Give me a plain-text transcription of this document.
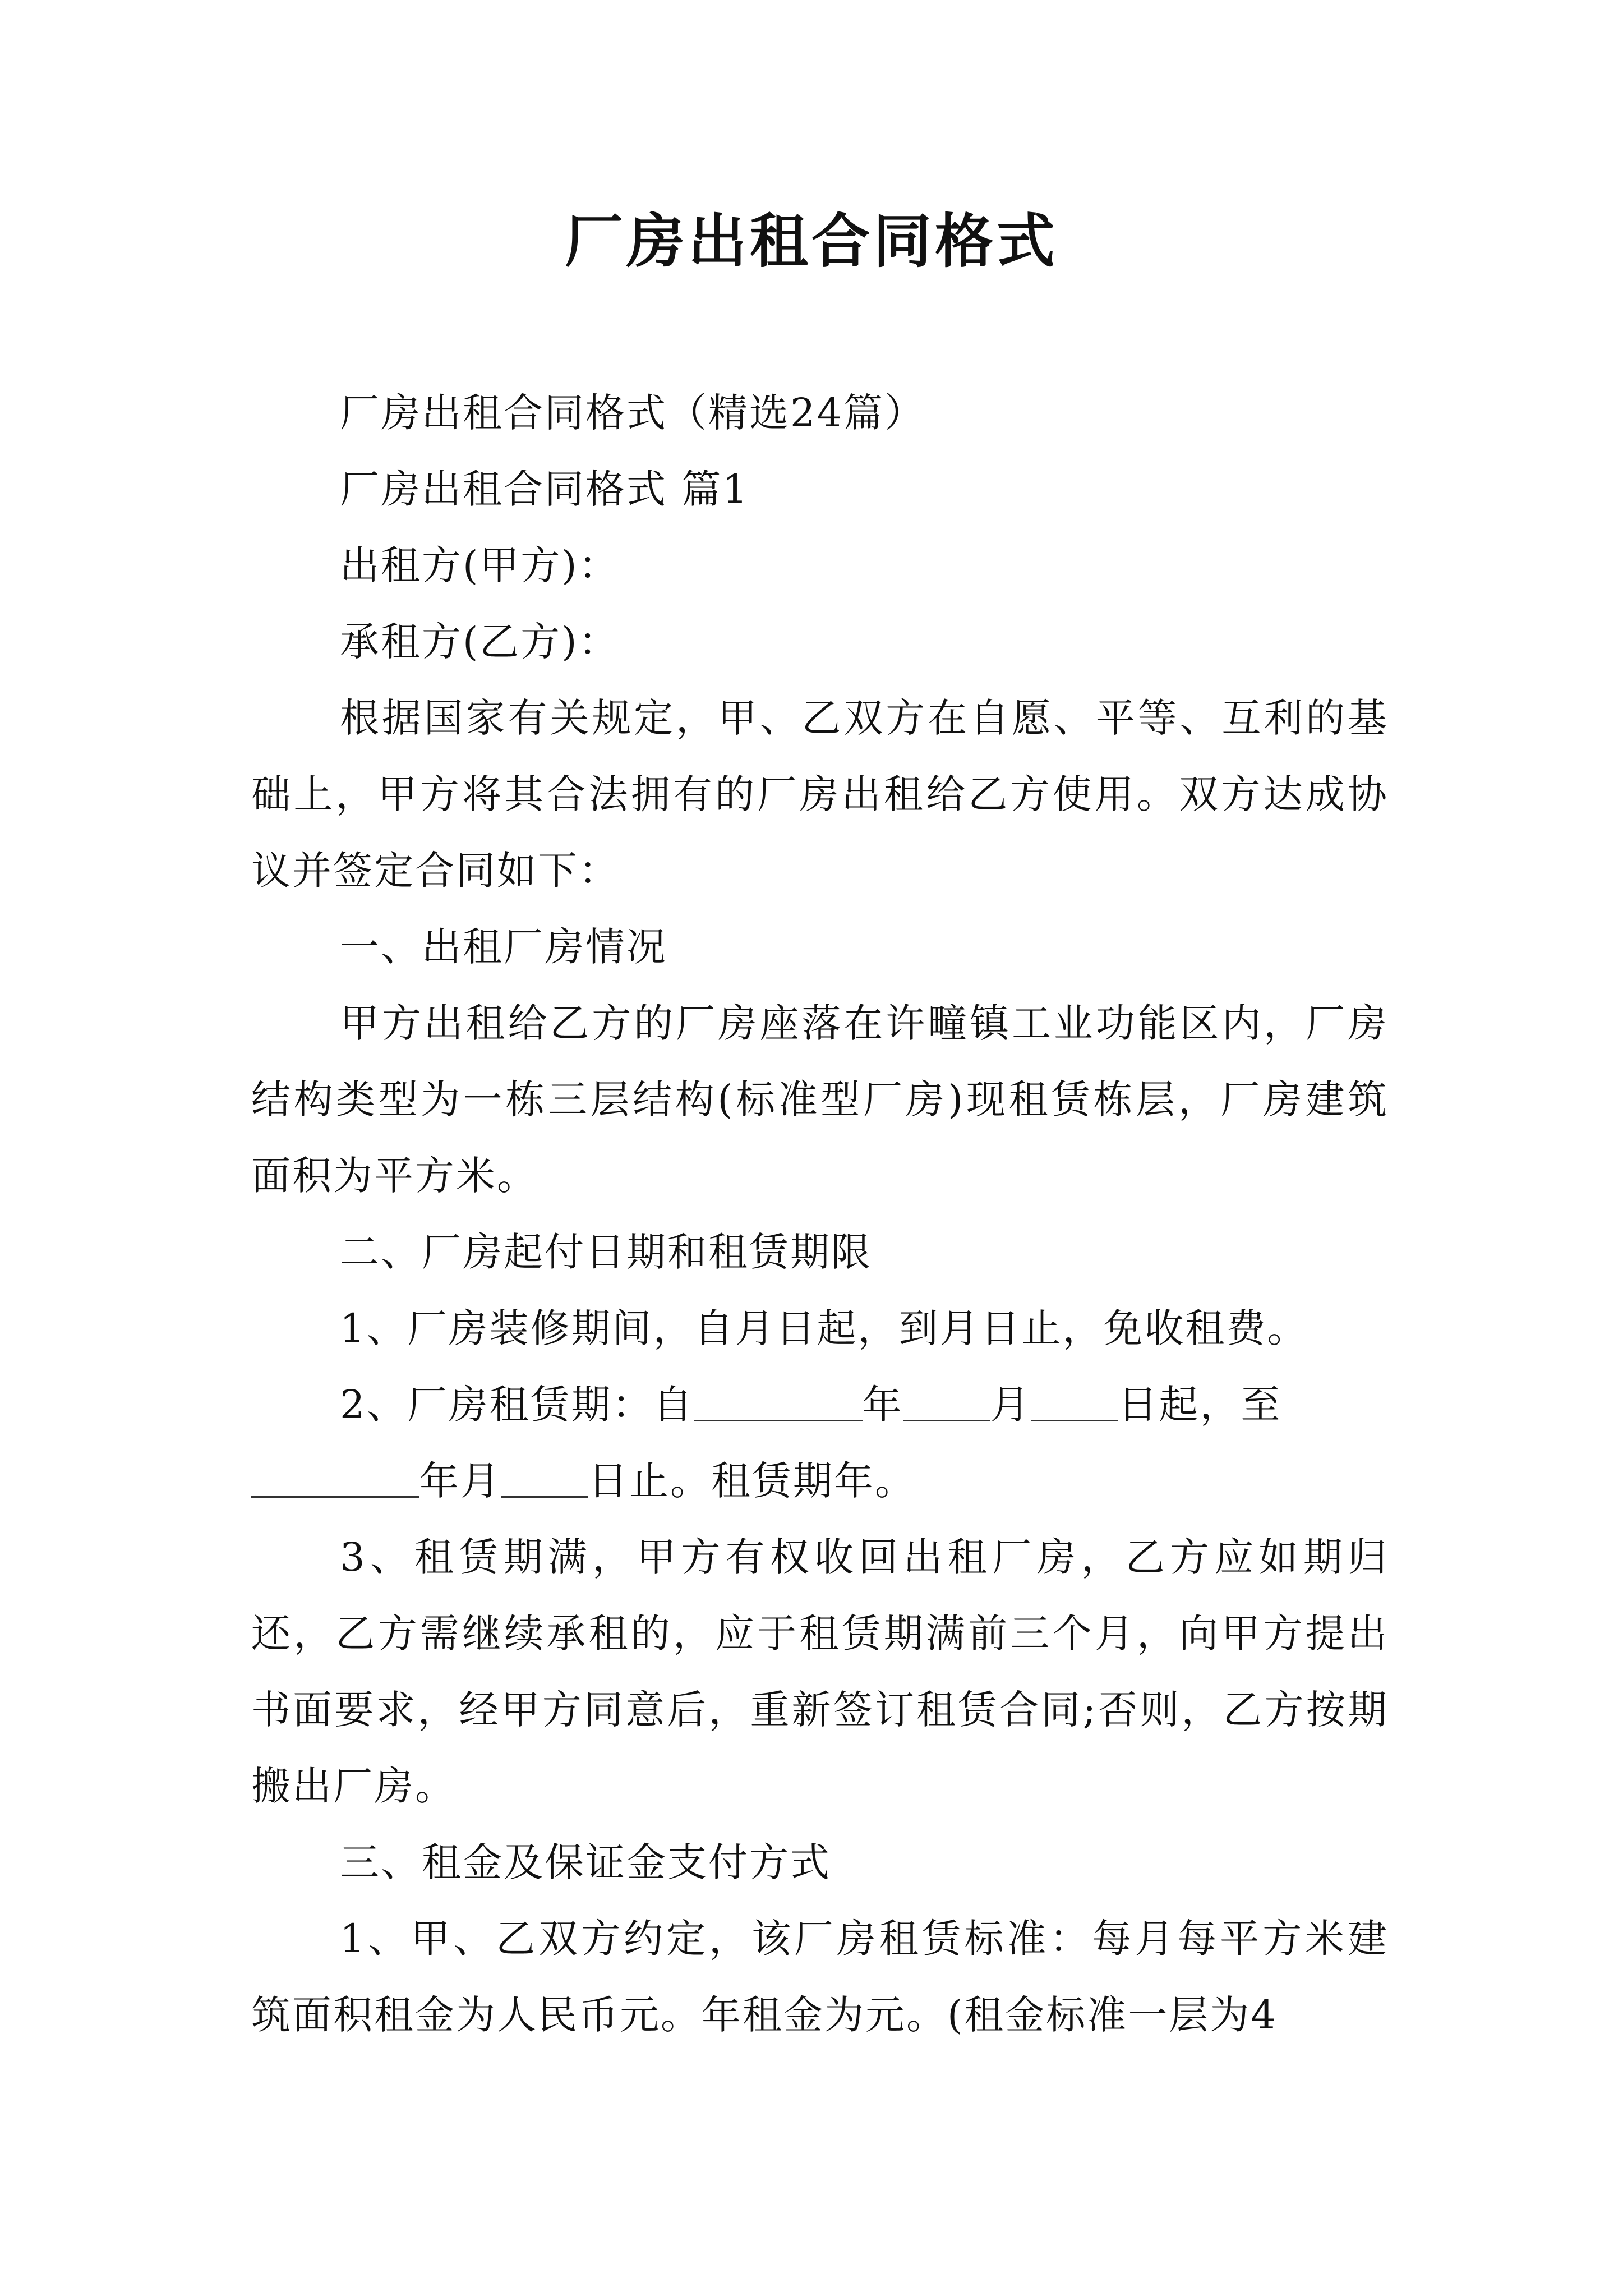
厂房出租合同格式

厂房出租合同格式（精选24篇）

厂房出租合同格式 篇1

出租方(甲方)：

承租方(乙方)：

根据国家有关规定，甲、乙双方在自愿、平等、互利的基础上，甲方将其合法拥有的厂房出租给乙方使用。双方达成协议并签定合同如下：

一、出租厂房情况

甲方出租给乙方的厂房座落在许疃镇工业功能区内，厂房结构类型为一栋三层结构(标准型厂房)现租赁栋层，厂房建筑面积为平方米。

二、厂房起付日期和租赁期限

1、厂房装修期间，自月日起，到月日止，免收租费。

2、厂房租赁期：自	年 月 日起，至
年月 日止。租赁期年。

3、租赁期满，甲方有权收回出租厂房，乙方应如期归还，乙方需继续承租的，应于租赁期满前三个月，向甲方提出书面要求，经甲方同意后，重新签订租赁合同;否则，乙方按期搬出厂房。

三、租金及保证金支付方式

1、甲、乙双方约定，该厂房租赁标准：每月每平方米建筑面积租金为人民币元。年租金为元。(租金标准一层为4
